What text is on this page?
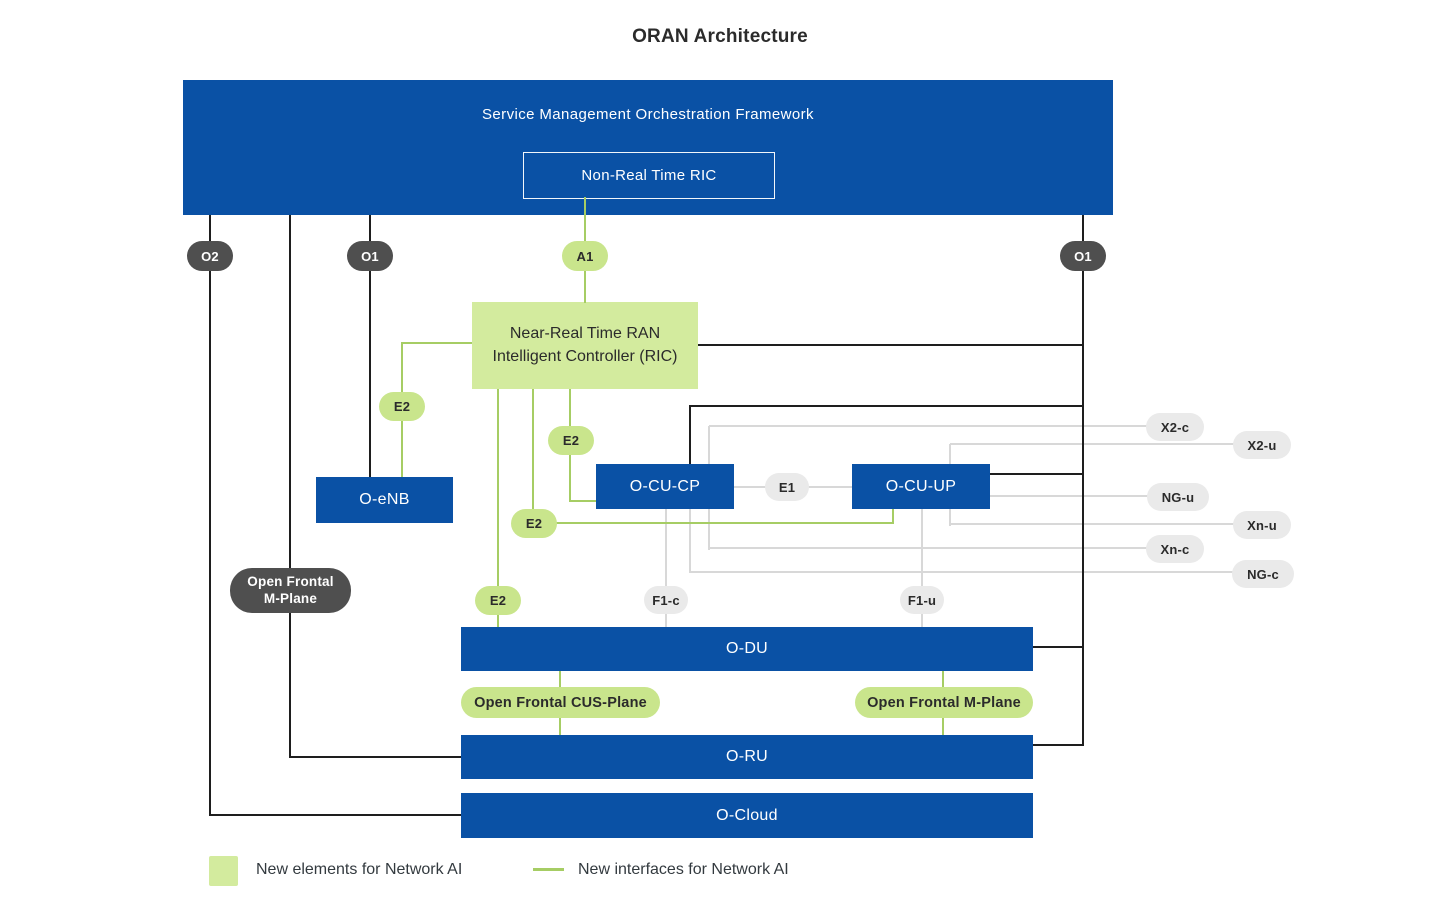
ORAN Architecture
Service Management Orchestration Framework
Non-Real Time RIC
Near-Real Time RAN
Intelligent Controller (RIC)
O-eNB
O-CU-CP	O-CU-UP
O-DU
O-RU
O-Cloud
O2	O1	A1	O1
E2
E2
E2
E2
E1
F1-c	F1-u
X2-c
X2-u
NG-u
Xn-u
Xn-c
NG-c
Open Frontal
M-Plane
Open Frontal CUS-Plane	Open Frontal M-Plane
New elements for Network AI	New interfaces for Network AI
